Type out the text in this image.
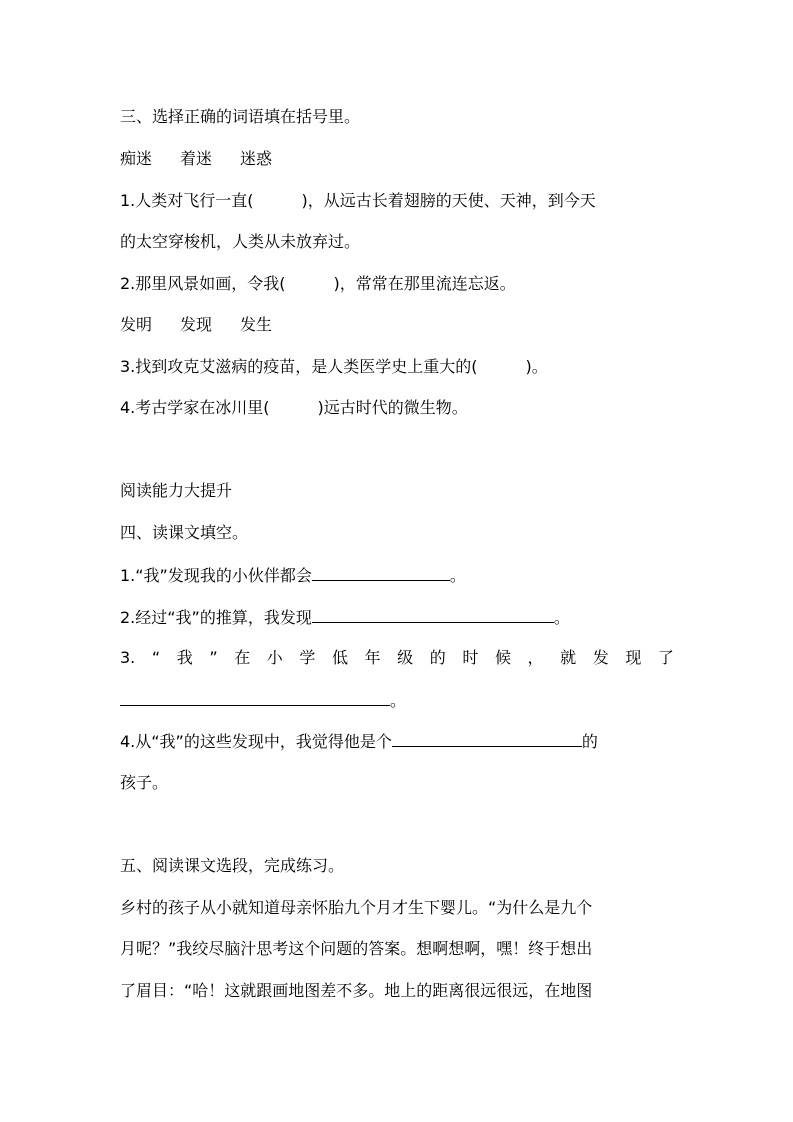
三、选择正确的词语填在括号里。
痴迷 着迷 迷惑
1.人类对飞行一直(　　　)，从远古长着翅膀的天使、天神，到今天
的太空穿梭机，人类从未放弃过。
2.那里风景如画，令我(　　　)，常常在那里流连忘返。
发明 发现 发生
3.找到攻克艾滋病的疫苗，是人类医学史上重大的(　　　)。
4.考古学家在冰川里(　　　)远古时代的微生物。
阅读能力大提升
四、读课文填空。
1.“我”发现我的小伙伴都会	。
2.经过“我”的推算，我发现	。
3. “ 我 ” 在 小 学 低 年 级 的 时 候 ， 就 发 现 了
。
4.从“我”的这些发现中，我觉得他是个	的
孩子。
五、阅读课文选段，完成练习。
乡村的孩子从小就知道母亲怀胎九个月才生下婴儿。“为什么是九个
月呢？”我绞尽脑汁思考这个问题的答案。想啊想啊，嘿！终于想出
了眉目：“哈！这就跟画地图差不多。地上的距离很远很远，在地图
